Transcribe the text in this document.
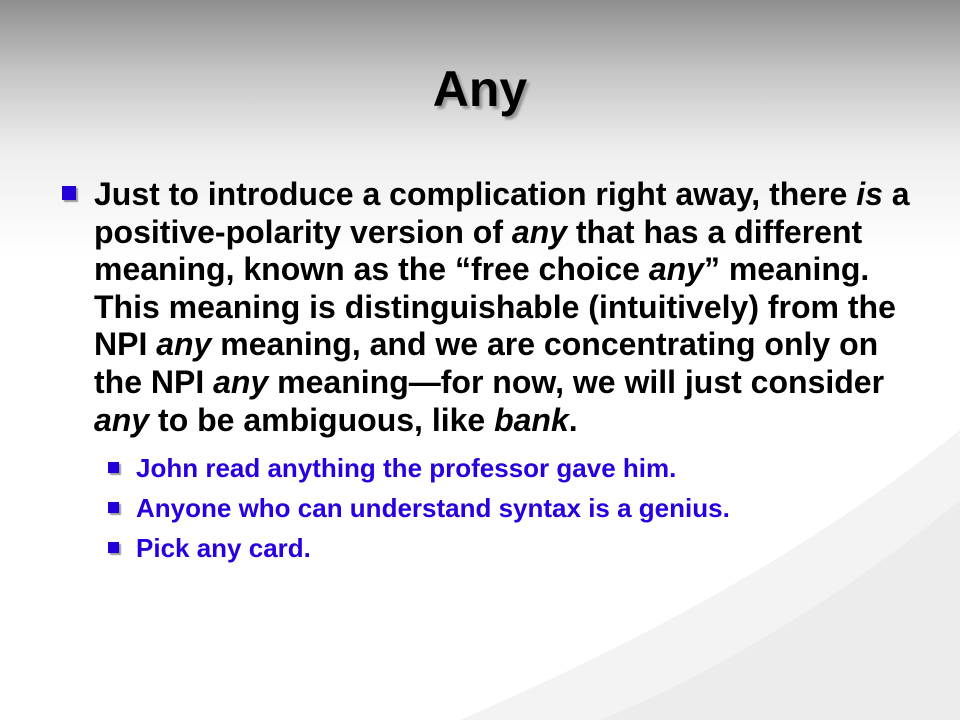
Any
Just to introduce a complication right away, there is a positive-polarity version of any that has a different meaning, known as the “free choice any” meaning. This meaning is distinguishable (intuitively) from the NPI any meaning, and we are concentrating only on the NPI any meaning—for now, we will just consider any to be ambiguous, like bank.
John read anything the professor gave him.
Anyone who can understand syntax is a genius.
Pick any card.
